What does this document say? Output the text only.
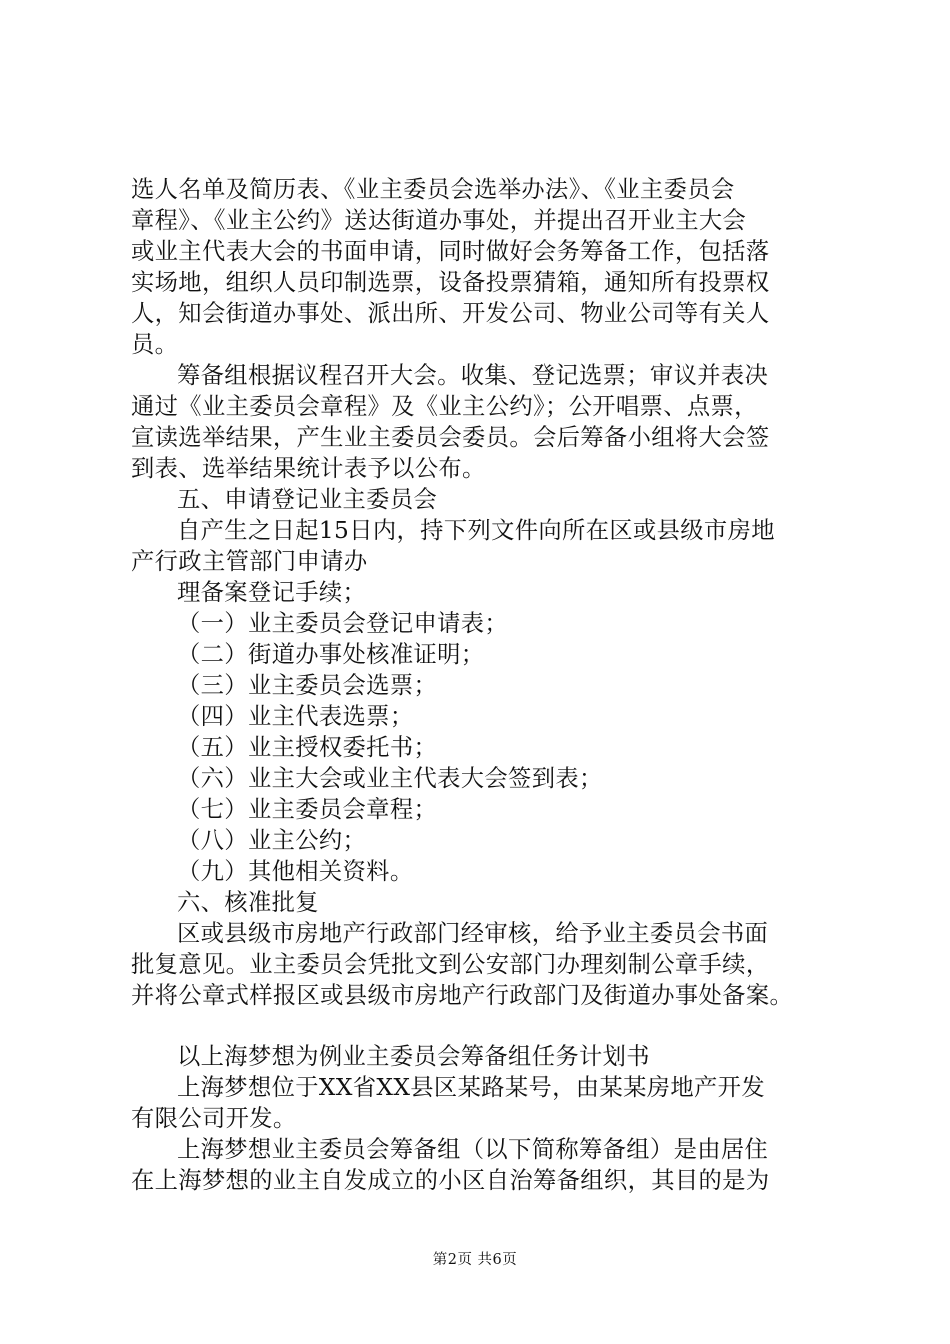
选人名单及简历表、《业主委员会选举办法》、《业主委员会
章程》、《业主公约》送达街道办事处，并提出召开业主大会
或业主代表大会的书面申请，同时做好会务筹备工作，包括落
实场地，组织人员印制选票，设备投票猜箱，通知所有投票权
人，知会街道办事处、派出所、开发公司、物业公司等有关人
员。
筹备组根据议程召开大会。收集、登记选票；审议并表决
通过《业主委员会章程》及《业主公约》；公开唱票、点票，
宣读选举结果，产生业主委员会委员。会后筹备小组将大会签
到表、选举结果统计表予以公布。
五、申请登记业主委员会
自产生之日起15日内，持下列文件向所在区或县级市房地
产行政主管部门申请办
理备案登记手续；
（一）业主委员会登记申请表；
（二）街道办事处核准证明；
（三）业主委员会选票；
（四）业主代表选票；
（五）业主授权委托书；
（六）业主大会或业主代表大会签到表；
（七）业主委员会章程；
（八）业主公约；
（九）其他相关资料。
六、核准批复
区或县级市房地产行政部门经审核，给予业主委员会书面
批复意见。业主委员会凭批文到公安部门办理刻制公章手续，
并将公章式样报区或县级市房地产行政部门及街道办事处备案。
以上海梦想为例业主委员会筹备组任务计划书
上海梦想位于XX省XX县区某路某号，由某某房地产开发
有限公司开发。
上海梦想业主委员会筹备组（以下简称筹备组）是由居住
在上海梦想的业主自发成立的小区自治筹备组织，其目的是为
第2页 共6页
